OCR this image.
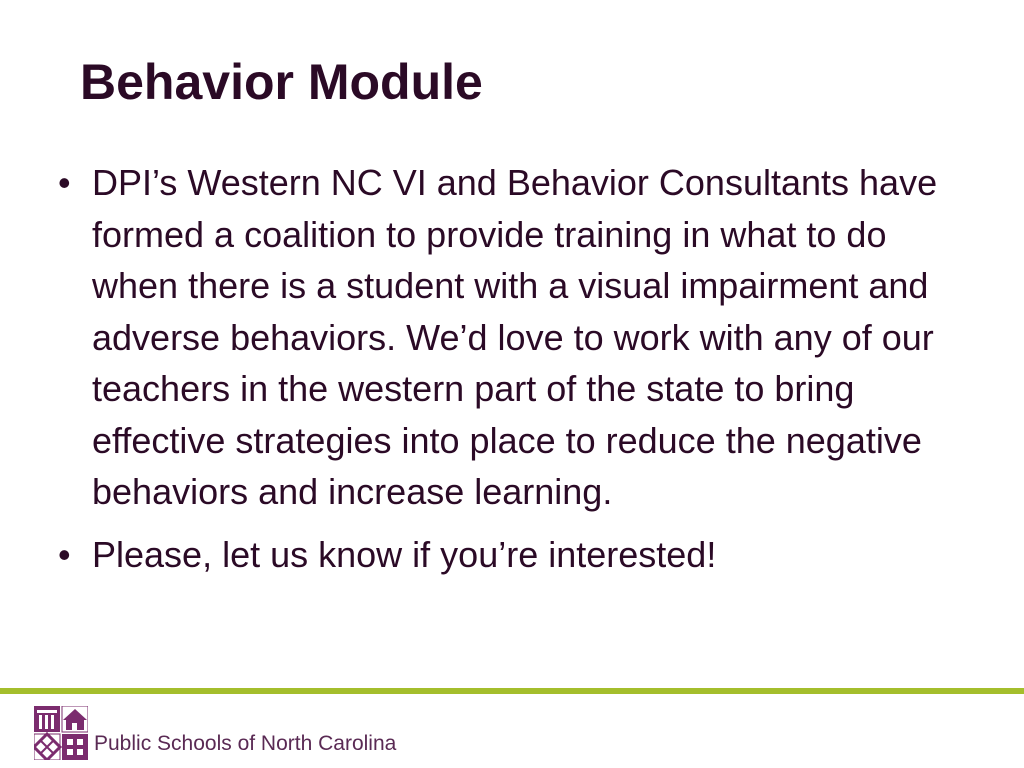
Behavior Module
• DPI’s Western NC VI and Behavior Consultants have formed a coalition to provide training in what to do when there is a student with a visual impairment and adverse behaviors. We’d love to work with any of our teachers in the western part of the state to bring effective strategies into place to reduce the negative behaviors and increase learning.
• Please, let us know if you’re interested!
Public Schools of North Carolina
